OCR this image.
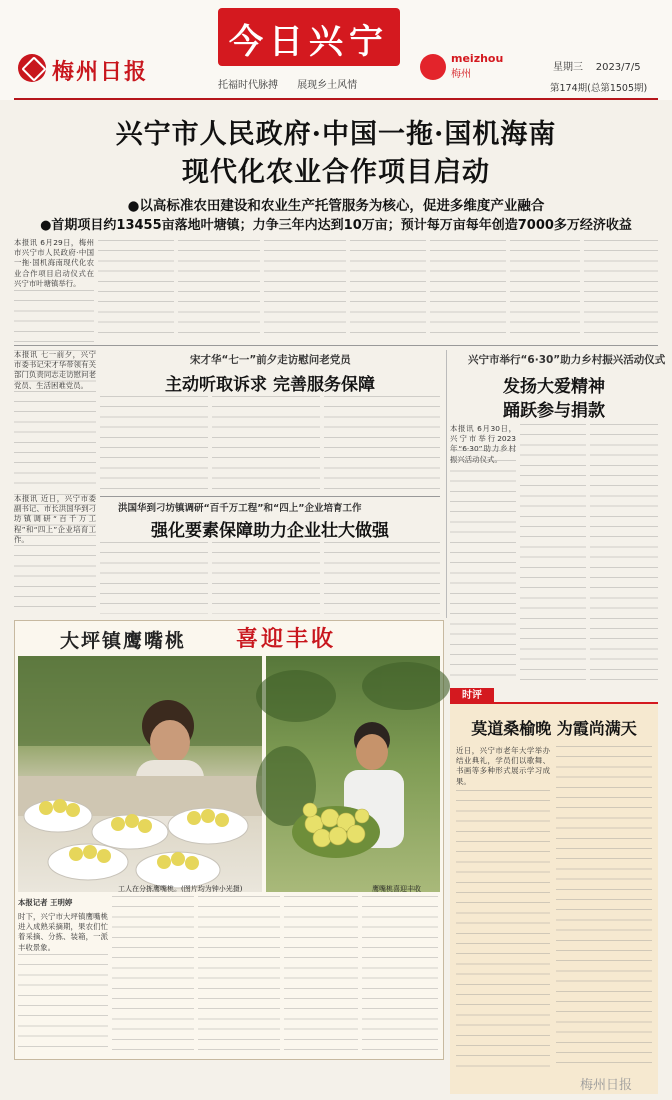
梅州日报
今日兴宁
托福时代脉搏 展现乡土风情
meizhou
梅州
星期三 2023/7/5
第174期(总第1505期)
兴宁市人民政府·中国一拖·国机海南
现代化农业合作项目启动
●以高标准农田建设和农业生产托管服务为核心，促进多维度产业融合
●首期项目约13455亩落地叶塘镇；力争三年内达到10万亩；预计每万亩每年创造7000多万经济收益
本报讯 6月29日，梅州市兴宁市人民政府·中国一拖·国机海南现代化农业合作项目启动仪式在兴宁市叶塘镇举行。
本报讯 七一前夕，兴宁市委书记宋才华带领有关部门负责同志走访慰问老党员、生活困难党员。
宋才华“七一”前夕走访慰问老党员
主动听取诉求 完善服务保障
兴宁市举行“6·30”助力乡村振兴活动仪式
发扬大爱精神
踊跃参与捐款
本报讯 6月30日，兴宁市举行2023年“6·30”助力乡村振兴活动仪式。
本报讯 近日，兴宁市委副书记、市长洪国华到刁坊镇调研“百千万工程”和“四上”企业培育工作。
洪国华到刁坊镇调研“百千万工程”和“四上”企业培育工作
强化要素保障助力企业壮大做强
大坪镇鹰嘴桃 喜迎丰收
工人在分拣鹰嘴桃。(图片均为钟小光摄)	鹰嘴桃喜迎丰收
本报记者 王明婷
时下，兴宁市大坪镇鹰嘴桃进入成熟采摘期，果农们忙着采摘、分拣、装箱，一派丰收景象。
时评
莫道桑榆晚 为霞尚满天
近日，兴宁市老年大学举办结业典礼，学员们以歌舞、书画等多种形式展示学习成果。
梅州日报
